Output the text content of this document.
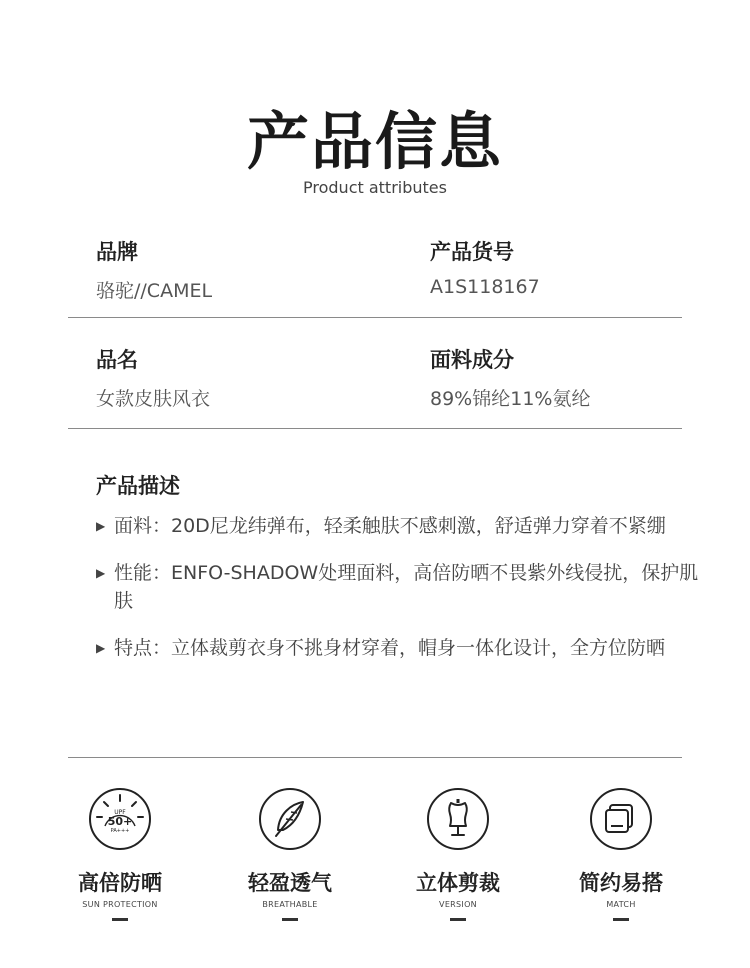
产品信息
Product attributes
品牌
骆驼//CAMEL
产品货号
A1S118167
品名
女款皮肤风衣
面料成分
89%锦纶11%氨纶
产品描述
▶ 面料：20D尼龙纬弹布，轻柔触肤不感刺激，舒适弹力穿着不紧绷
▶ 性能：ENFO-SHADOW处理面料，高倍防晒不畏紫外线侵扰，保护肌肤
▶ 特点：立体裁剪衣身不挑身材穿着，帽身一体化设计，全方位防晒
UPF
50+
PA+++
高倍防晒
SUN PROTECTION
轻盈透气
BREATHABLE
立体剪裁
VERSION
简约易搭
MATCH
